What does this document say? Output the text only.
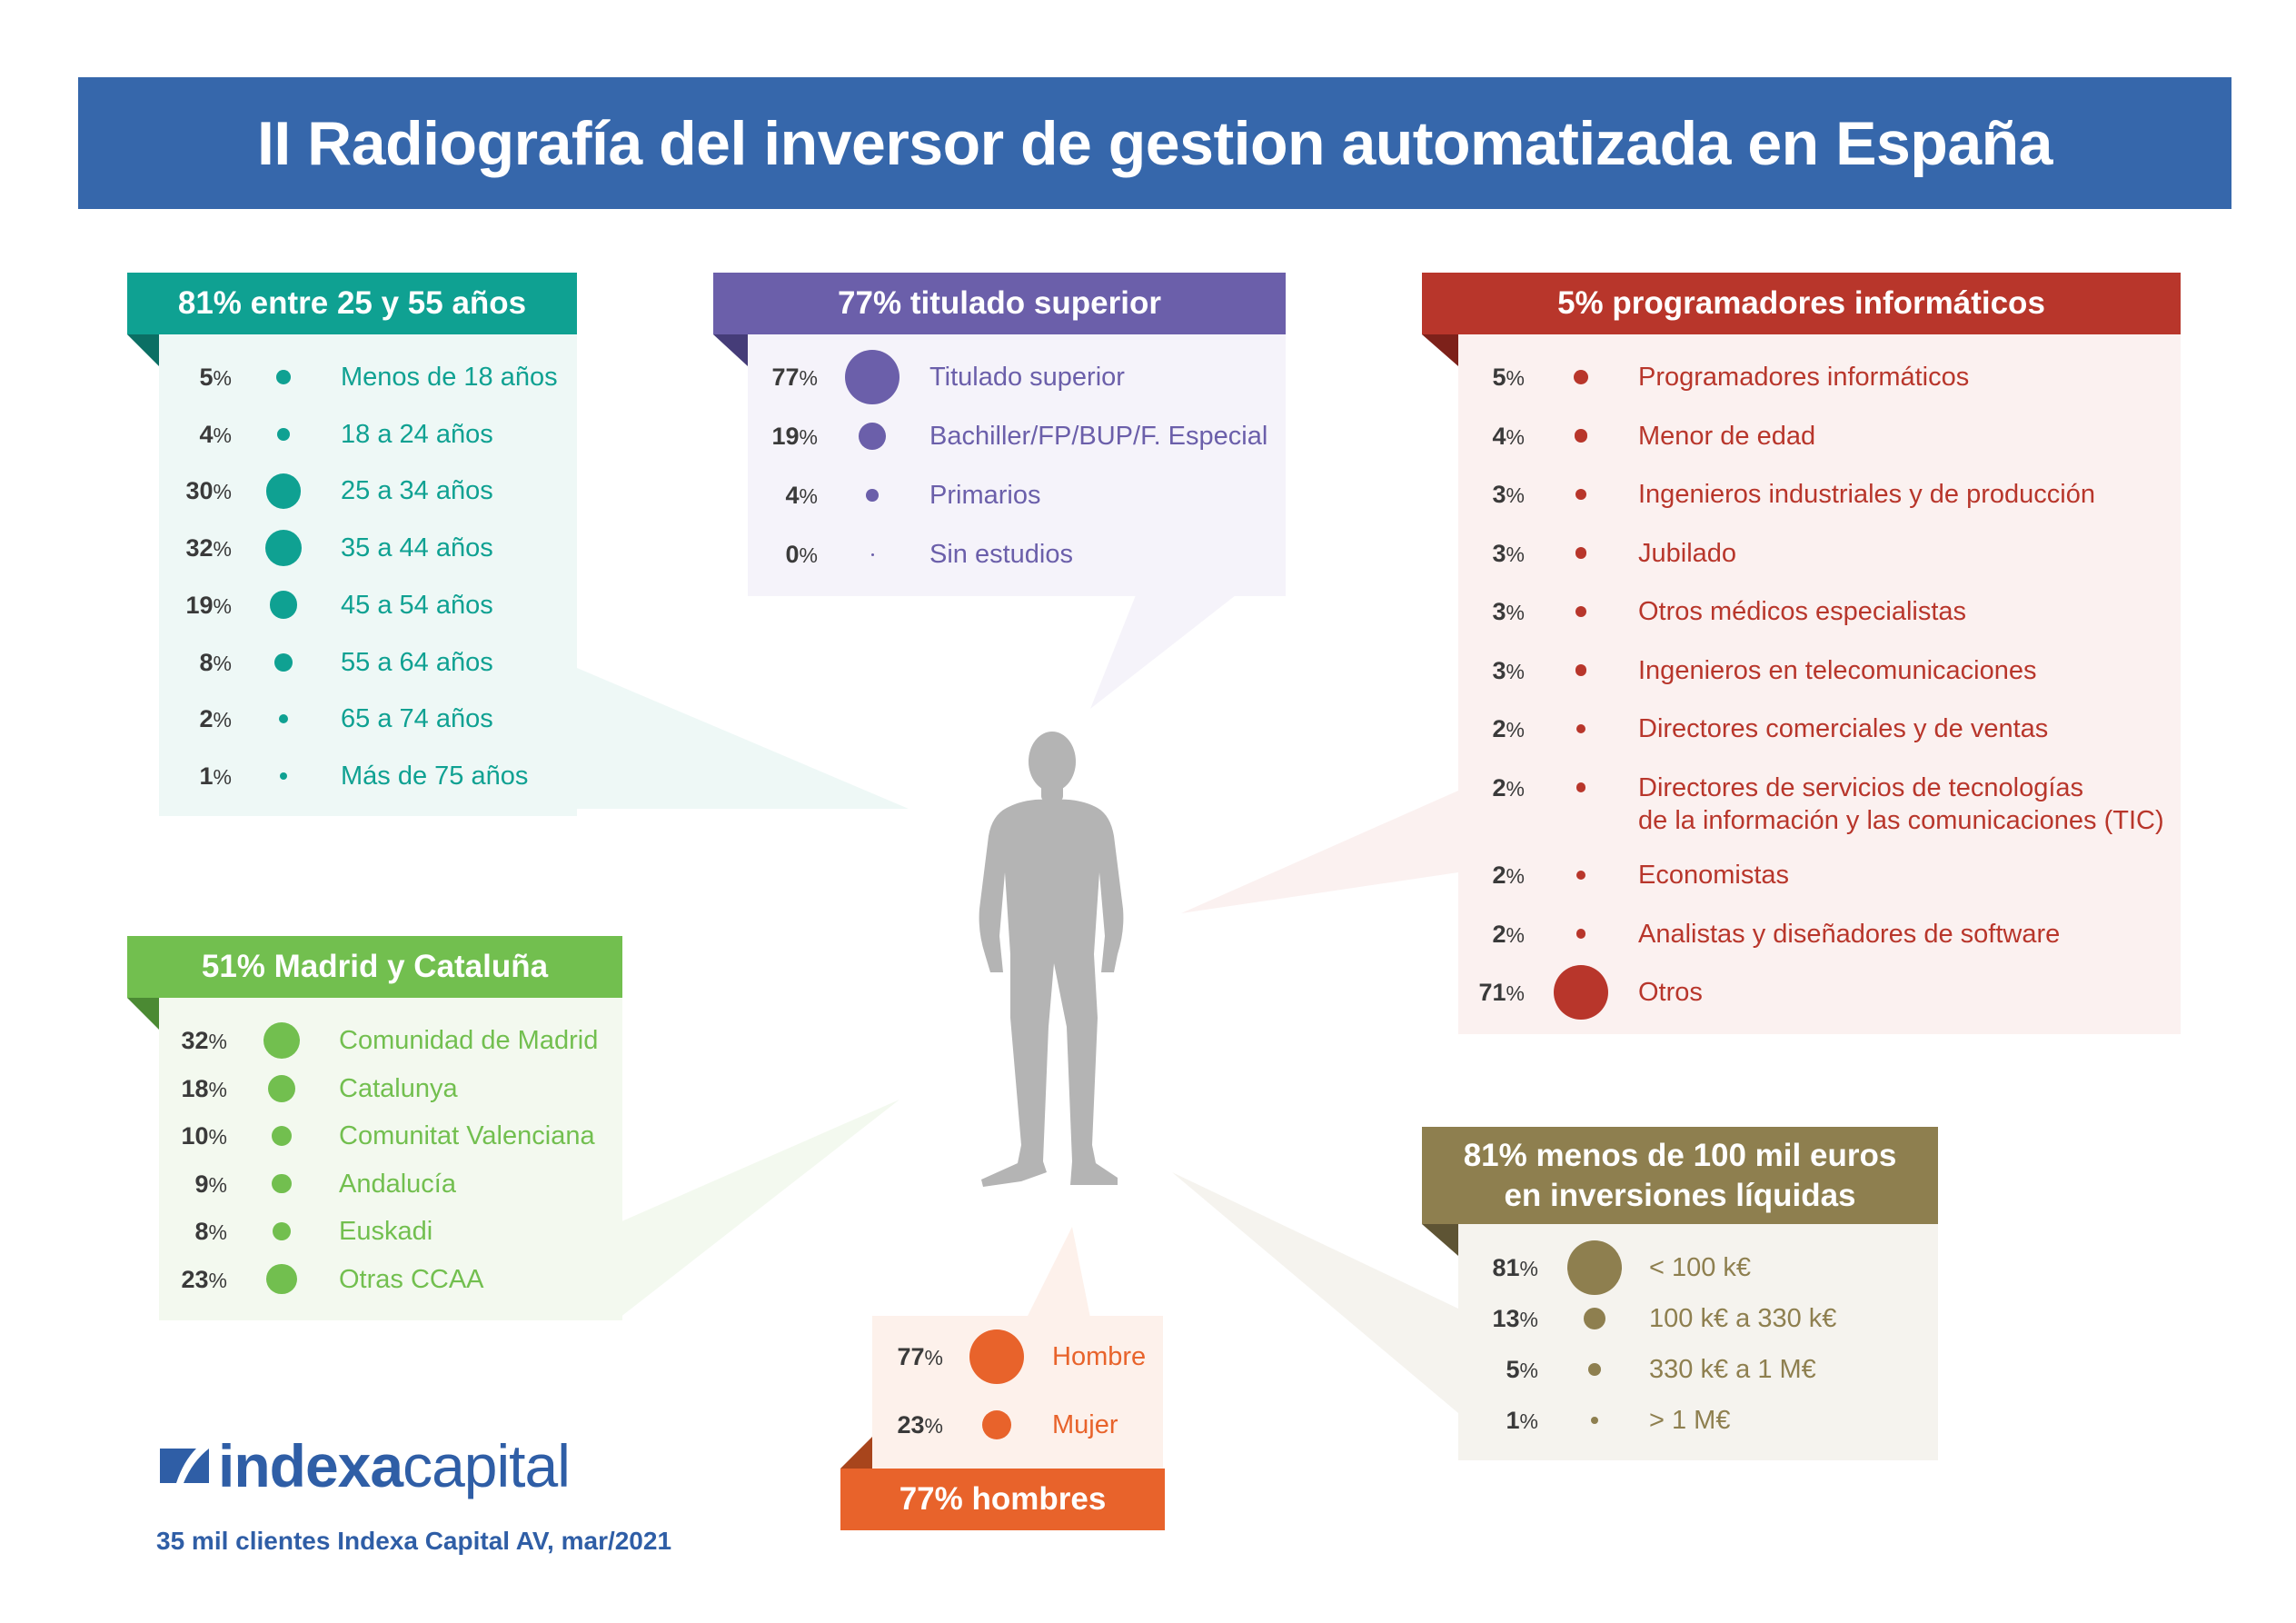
II Radiografía del inversor de gestion automatizada en España
81% entre 25 y 55 años
5%	Menos de 18 años
4%	18 a 24 años
30%	25 a 34 años
32%	35 a 44 años
19%	45 a 54 años
8%	55 a 64 años
2%	65 a 74 años
1%	Más de 75 años
77% titulado superior
77%	Titulado superior
19%	Bachiller/FP/BUP/F. Especial
4%	Primarios
0%	Sin estudios
5% programadores informáticos
5%	Programadores informáticos
4%	Menor de edad
3%	Ingenieros industriales y de producción
3%	Jubilado
3%	Otros médicos especialistas
3%	Ingenieros en telecomunicaciones
2%	Directores comerciales y de ventas
2%	Directores de servicios de tecnologías
de la información y las comunicaciones (TIC)
2%	Economistas
2%	Analistas y diseñadores de software
71%	Otros
51% Madrid y Cataluña
32%	Comunidad de Madrid
18%	Catalunya
10%	Comunitat Valenciana
9%	Andalucía
8%	Euskadi
23%	Otras CCAA
77% hombres
77%	Hombre
23%	Mujer
81% menos de 100 mil euros
en inversiones líquidas
81%	< 100 k€
13%	100 k€ a 330 k€
5%	330 k€ a 1 M€
1%	> 1 M€
indexacapital
35 mil clientes Indexa Capital AV, mar/2021
